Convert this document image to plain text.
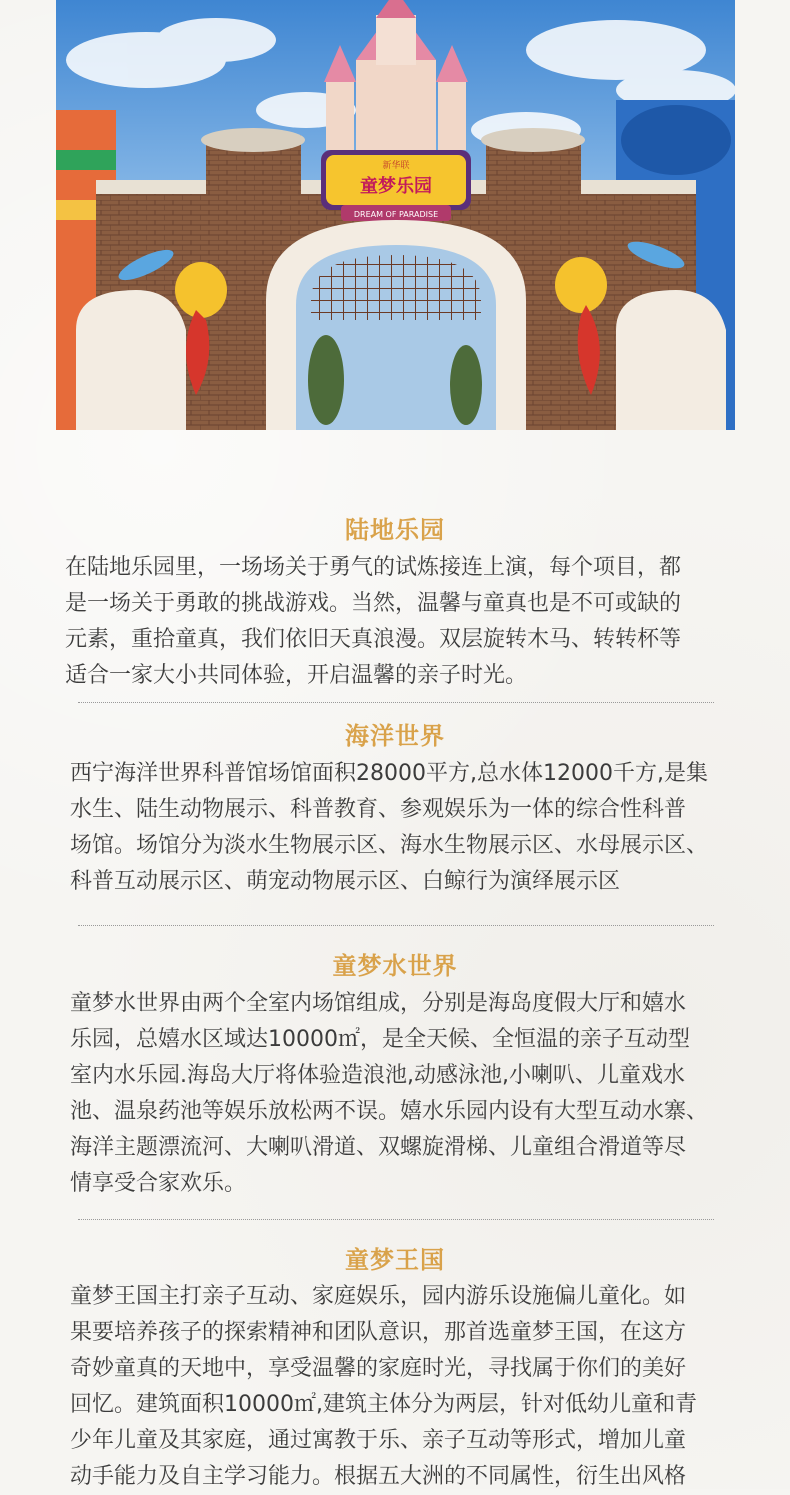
新华联
童梦乐园
DREAM OF PARADISE
陆地乐园

在陆地乐园里，一场场关于勇气的试炼接连上演，每个项目，都
是一场关于勇敢的挑战游戏。当然，温馨与童真也是不可或缺的
元素，重拾童真，我们依旧天真浪漫。双层旋转木马、转转杯等
适合一家大小共同体验，开启温馨的亲子时光。

海洋世界

西宁海洋世界科普馆场馆面积28000平方,总水体12000千方,是集
水生、陆生动物展示、科普教育、参观娱乐为一体的综合性科普
场馆。场馆分为淡水生物展示区、海水生物展示区、水母展示区、
科普互动展示区、萌宠动物展示区、白鲸行为演绎展示区

童梦水世界

童梦水世界由两个全室内场馆组成，分别是海岛度假大厅和嬉水
乐园，总嬉水区域达10000㎡，是全天候、全恒温的亲子互动型
室内水乐园.海岛大厅将体验造浪池,动感泳池,小喇叭、儿童戏水
池、温泉药池等娱乐放松两不误。嬉水乐园内设有大型互动水寨、
海洋主题漂流河、大喇叭滑道、双螺旋滑梯、儿童组合滑道等尽
情享受合家欢乐。

童梦王国

童梦王国主打亲子互动、家庭娱乐，园内游乐设施偏儿童化。如
果要培养孩子的探索精神和团队意识，那首选童梦王国，在这方
奇妙童真的天地中，享受温馨的家庭时光，寻找属于你们的美好
回忆。建筑面积10000㎡,建筑主体分为两层，针对低幼儿童和青
少年儿童及其家庭，通过寓教于乐、亲子互动等形式，增加儿童
动手能力及自主学习能力。根据五大洲的不同属性，衍生出风格
